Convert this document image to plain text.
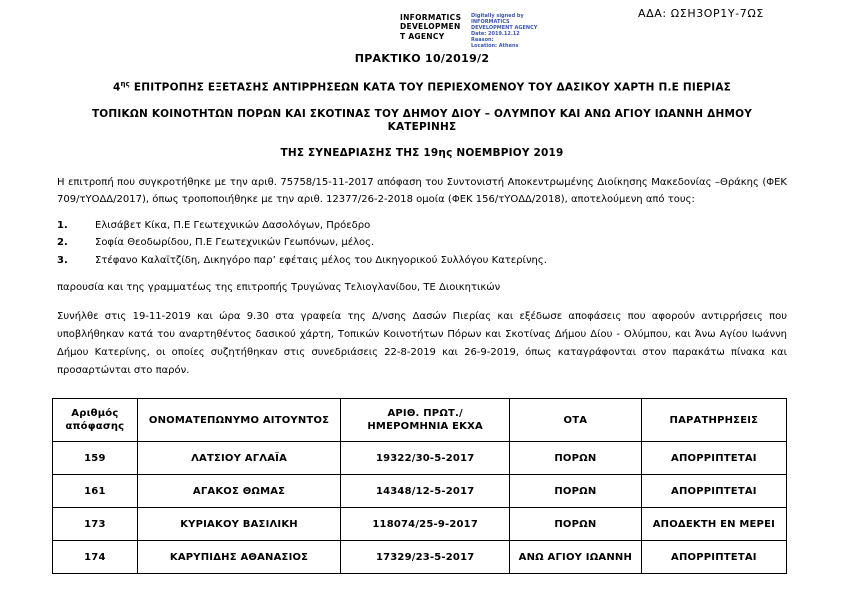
ΑΔΑ: ΩΣΗ3ΟΡ1Υ-7ΩΣ
INFORMATICS DEVELOPMEN T AGENCY
Digitally signed by
INFORMATICS
DEVELOPMENT AGENCY
Date: 2019.12.12
Reason:
Location: Athens
ΠΡΑΚΤΙΚΟ 10/2019/2
$4^{\eta\varsigma}$ ΕΠΙΤΡΟΠΗΣ ΕΞΕΤΑΣΗΣ ΑΝΤΙΡΡΗΣΕΩΝ ΚΑΤΑ ΤΟΥ ΠΕΡΙΕΧΟΜΕΝΟΥ ΤΟΥ ΔΑΣΙΚΟΥ ΧΑΡΤΗ Π.Ε ΠΙΕΡΙΑΣ
ΤΟΠΙΚΩΝ ΚΟΙΝΟΤΗΤΩΝ ΠΟΡΩΝ ΚΑΙ ΣΚΟΤΙΝΑΣ ΤΟΥ ΔΗΜΟΥ ΔΙΟΥ – ΟΛΥΜΠΟΥ ΚΑΙ ΑΝΩ ΑΓΙΟΥ ΙΩΑΝΝΗ ΔΗΜΟΥ ΚΑΤΕΡΙΝΗΣ
ΤΗΣ ΣΥΝΕΔΡΙΑΣΗΣ ΤΗΣ 19ης ΝΟΕΜΒΡΙΟΥ 2019
Η επιτροπή που συγκροτήθηκε με την αριθ. 75758/15-11-2017 απόφαση του Συντονιστή Αποκεντρωμένης Διοίκησης Μακεδονίας –Θράκης (ΦΕΚ 709/τΥΟΔΔ/2017), όπως τροποποιήθηκε με την αριθ. 12377/26-2-2018 ομοία (ΦΕΚ 156/τΥΟΔΔ/2018), αποτελούμενη από τους:
1.	Ελισάβετ Κίκα, Π.Ε Γεωτεχνικών Δασολόγων, Πρόεδρο
2.	Σοφία Θεοδωρίδου, Π.Ε Γεωτεχνικών Γεωπόνων, μέλος.
3.	Στέφανο Καλαϊτζίδη, Δικηγόρο παρ’ εφέταις μέλος του Δικηγορικού Συλλόγου Κατερίνης.
παρουσία και της γραμματέως της επιτροπής Τρυγώνας Τελιογλανίδου, ΤΕ Διοικητικών
Συνήλθε στις 19-11-2019 και ώρα 9.30 στα γραφεία της Δ/νσης Δασών Πιερίας και εξέδωσε αποφάσεις που αφορούν αντιρρήσεις που υποβλήθηκαν κατά του αναρτηθέντος δασικού χάρτη, Τοπικών Κοινοτήτων Πόρων και Σκοτίνας Δήμου Δίου - Ολύμπου, και Άνω Αγίου Ιωάννη Δήμου Κατερίνης, οι οποίες συζητήθηκαν στις συνεδριάσεις 22-8-2019 και 26-9-2019, όπως καταγράφονται στον παρακάτω πίνακα και προσαρτώνται στο παρόν.
Αριθμός απόφασης	ΟΝΟΜΑΤΕΠΩΝΥΜΟ ΑΙΤΟΥΝΤΟΣ	ΑΡΙΘ. ΠΡΩΤ./ΗΜΕΡΟΜΗΝΙΑ ΕΚΧΑ	ΟΤΑ	ΠΑΡΑΤΗΡΗΣΕΙΣ
159	ΛΑΤΣΙΟΥ ΑΓΛΑΪΑ	19322/30-5-2017	ΠΟΡΩΝ	ΑΠΟΡΡΙΠΤΕΤΑΙ
161	ΑΓΑΚΟΣ ΘΩΜΑΣ	14348/12-5-2017	ΠΟΡΩΝ	ΑΠΟΡΡΙΠΤΕΤΑΙ
173	ΚΥΡΙΑΚΟΥ ΒΑΣΙΛΙΚΗ	118074/25-9-2017	ΠΟΡΩΝ	ΑΠΟΔΕΚΤΗ ΕΝ ΜΕΡΕΙ
174	ΚΑΡΥΠΙΔΗΣ ΑΘΑΝΑΣΙΟΣ	17329/23-5-2017	ΑΝΩ ΑΓΙΟΥ ΙΩΑΝΝΗ	ΑΠΟΡΡΙΠΤΕΤΑΙ
